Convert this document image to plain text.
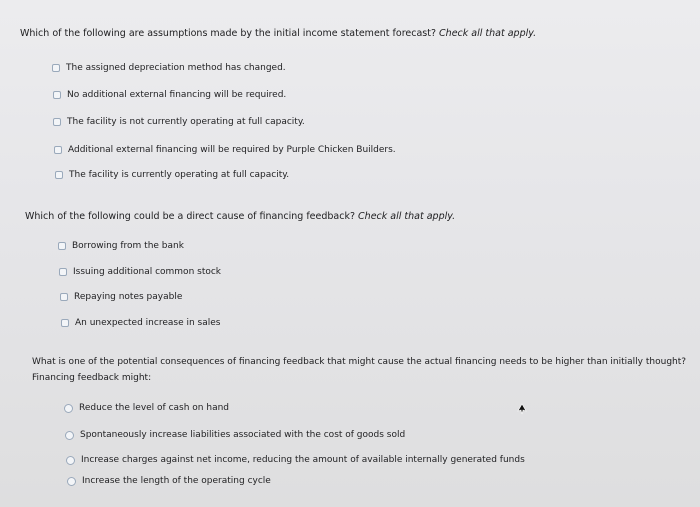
Which of the following are assumptions made by the initial income statement forecast? Check all that apply.
The assigned depreciation method has changed.
No additional external financing will be required.
The facility is not currently operating at full capacity.
Additional external financing will be required by Purple Chicken Builders.
The facility is currently operating at full capacity.
Which of the following could be a direct cause of financing feedback? Check all that apply.
Borrowing from the bank
Issuing additional common stock
Repaying notes payable
An unexpected increase in sales
What is one of the potential consequences of financing feedback that might cause the actual financing needs to be higher than initially thought?
Financing feedback might:
Reduce the level of cash on hand
Spontaneously increase liabilities associated with the cost of goods sold
Increase charges against net income, reducing the amount of available internally generated funds
Increase the length of the operating cycle
